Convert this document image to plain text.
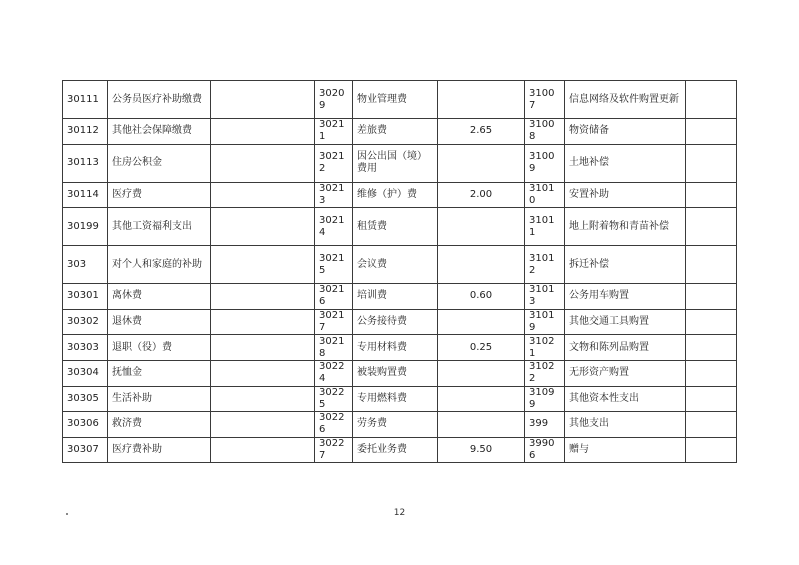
30111	公务员医疗补助缴费		30209	物业管理费		31007	信息网络及软件购置更新	
30112	其他社会保障缴费		30211	差旅费	2.65	31008	物资储备	
30113	住房公积金		30212	因公出国（境）费用		31009	土地补偿	
30114	医疗费		30213	维修（护）费	2.00	31010	安置补助	
30199	其他工资福利支出		30214	租赁费		31011	地上附着物和青苗补偿	
303	对个人和家庭的补助		30215	会议费		31012	拆迁补偿	
30301	离休费		30216	培训费	0.60	31013	公务用车购置	
30302	退休费		30217	公务接待费		31019	其他交通工具购置	
30303	退职（役）费		30218	专用材料费	0.25	31021	文物和陈列品购置	
30304	抚恤金		30224	被装购置费		31022	无形资产购置	
30305	生活补助		30225	专用燃料费		31099	其他资本性支出	
30306	救济费		30226	劳务费		399	其他支出	
30307	医疗费补助		30227	委托业务费	9.50	39906	赠与	
12
